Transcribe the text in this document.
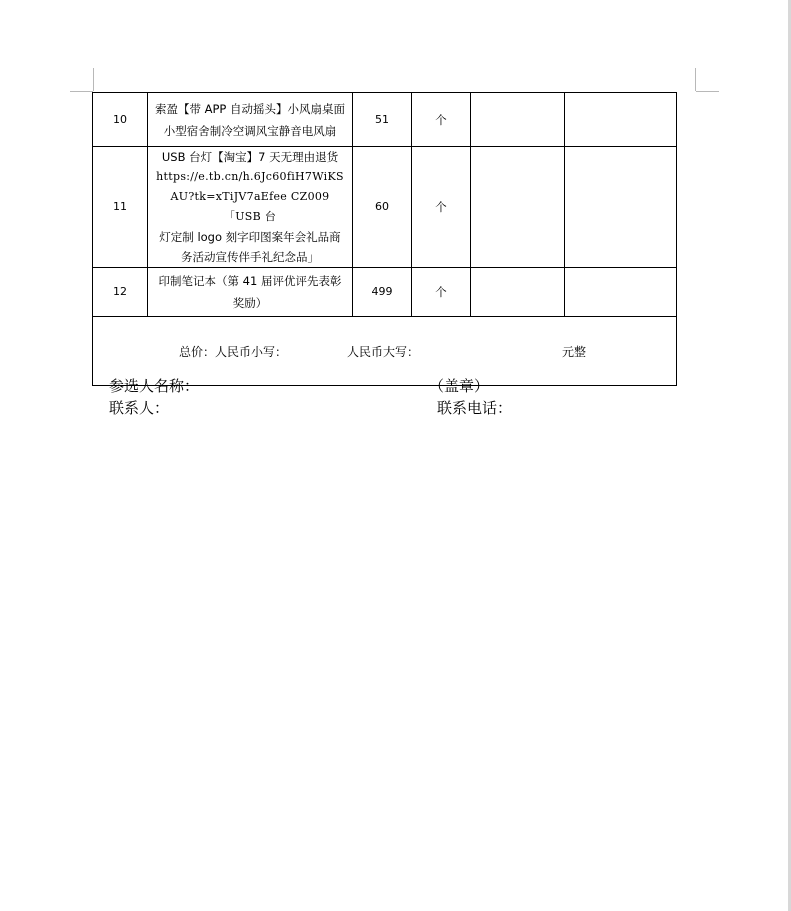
10	索盈【带 APP 自动摇头】小风扇桌面
小型宿舍制冷空调风宝静音电风扇	51	个		
11	USB 台灯【淘宝】7 天无理由退货
https://e.tb.cn/h.6Jc60fiH7WiKS
AU?tk=xTiJV7aEfee CZ009 「USB 台
灯定制 logo 刻字印图案年会礼品商
务活动宣传伴手礼纪念品」	60	个		
12	印制笔记本（第 41 届评优评先表彰
奖励）	499	个		

总价：人民币小写： 人民币大写： 元整					
参选人名称：	（盖章）
联系人：	联系电话：
